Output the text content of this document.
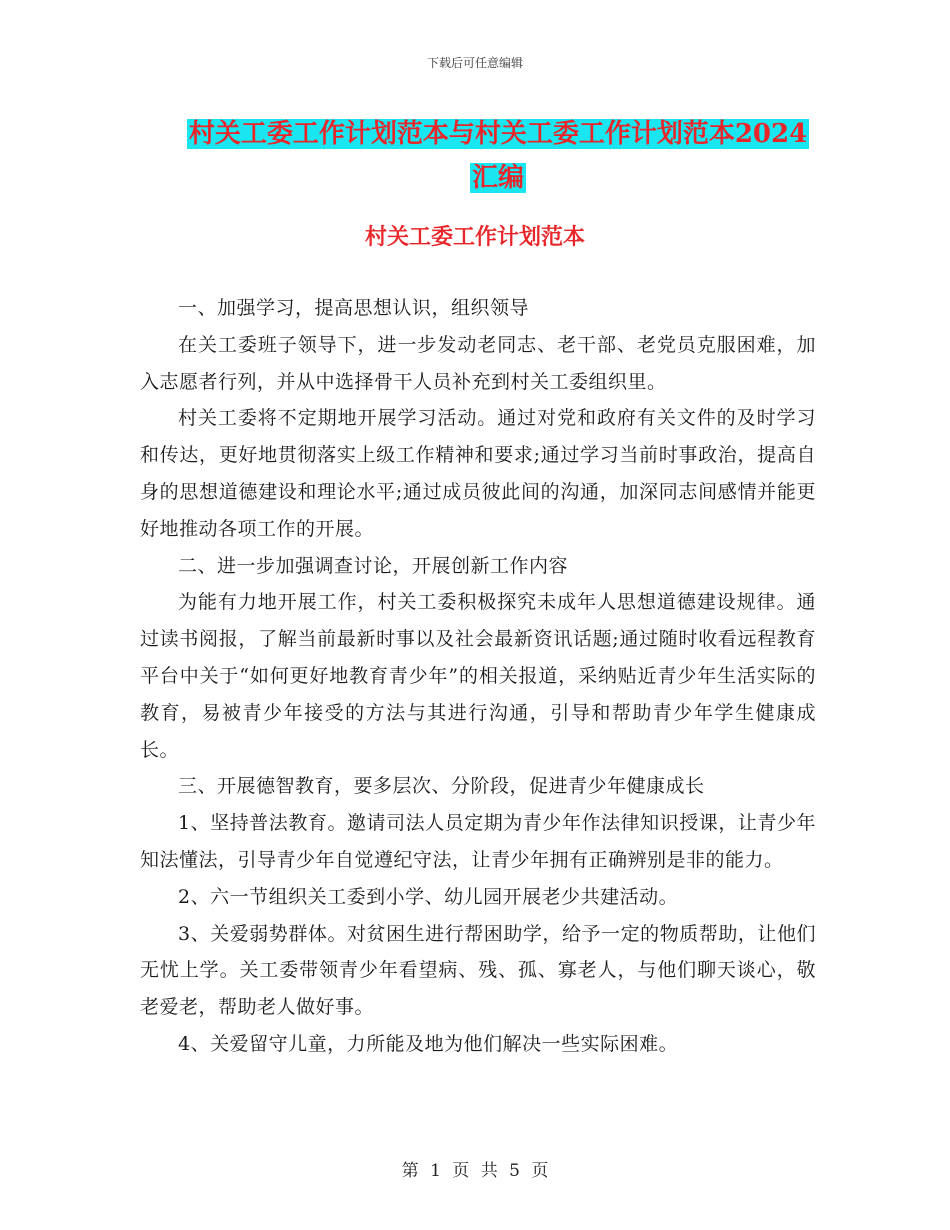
下载后可任意编辑
村关工委工作计划范本与村关工委工作计划范本2024
汇编
村关工委工作计划范本

一、加强学习，提高思想认识，组织领导

在关工委班子领导下，进一步发动老同志、老干部、老党员克服困难，加入志愿者行列，并从中选择骨干人员补充到村关工委组织里。

村关工委将不定期地开展学习活动。通过对党和政府有关文件的及时学习和传达，更好地贯彻落实上级工作精神和要求;通过学习当前时事政治，提高自身的思想道德建设和理论水平;通过成员彼此间的沟通，加深同志间感情并能更好地推动各项工作的开展。

二、进一步加强调查讨论，开展创新工作内容

为能有力地开展工作，村关工委积极探究未成年人思想道德建设规律。通过读书阅报，了解当前最新时事以及社会最新资讯话题;通过随时收看远程教育平台中关于“如何更好地教育青少年”的相关报道，采纳贴近青少年生活实际的教育，易被青少年接受的方法与其进行沟通，引导和帮助青少年学生健康成长。

三、开展德智教育，要多层次、分阶段，促进青少年健康成长

1、坚持普法教育。邀请司法人员定期为青少年作法律知识授课，让青少年知法懂法，引导青少年自觉遵纪守法，让青少年拥有正确辨别是非的能力。

2、六一节组织关工委到小学、幼儿园开展老少共建活动。

3、关爱弱势群体。对贫困生进行帮困助学，给予一定的物质帮助，让他们无忧上学。关工委带领青少年看望病、残、孤、寡老人，与他们聊天谈心，敬老爱老，帮助老人做好事。

4、关爱留守儿童，力所能及地为他们解决一些实际困难。

第 1 页 共 5 页
